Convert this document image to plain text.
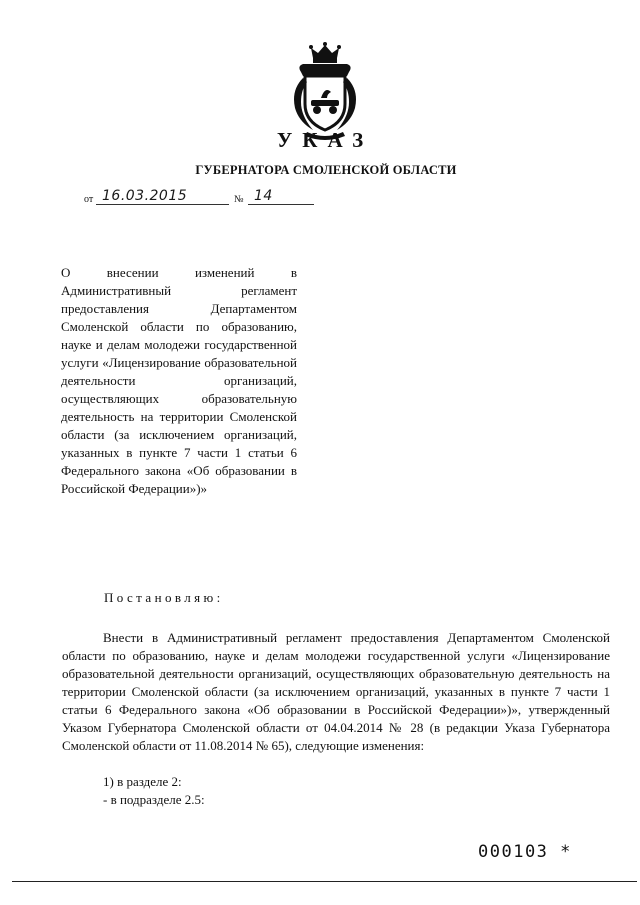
УКАЗ
ГУБЕРНАТОРА СМОЛЕНСКОЙ ОБЛАСТИ
от 16.03.2015	№ 14
О внесении изменений в Административный регламент предоставления Департаментом Смоленской области по образованию, науке и делам молодежи государственной услуги «Лицензирование образовательной деятельности организаций, осуществляющих образовательную деятельность на территории Смоленской области (за исключением организаций, указанных в пункте 7 части 1 статьи 6 Федерального закона «Об образовании в Российской Федерации»)»
Постановляю:
Внести в Административный регламент предоставления Департаментом Смоленской области по образованию, науке и делам молодежи государственной услуги «Лицензирование образовательной деятельности организаций, осуществляющих образовательную деятельность на территории Смоленской области (за исключением организаций, указанных в пункте 7 части 1 статьи 6 Федерального закона «Об образовании в Российской Федерации»)», утвержденный Указом Губернатора Смоленской области от 04.04.2014 № 28 (в редакции Указа Губернатора Смоленской области от 11.08.2014 № 65), следующие изменения:
1) в разделе 2:
- в подразделе 2.5:
000103 *
